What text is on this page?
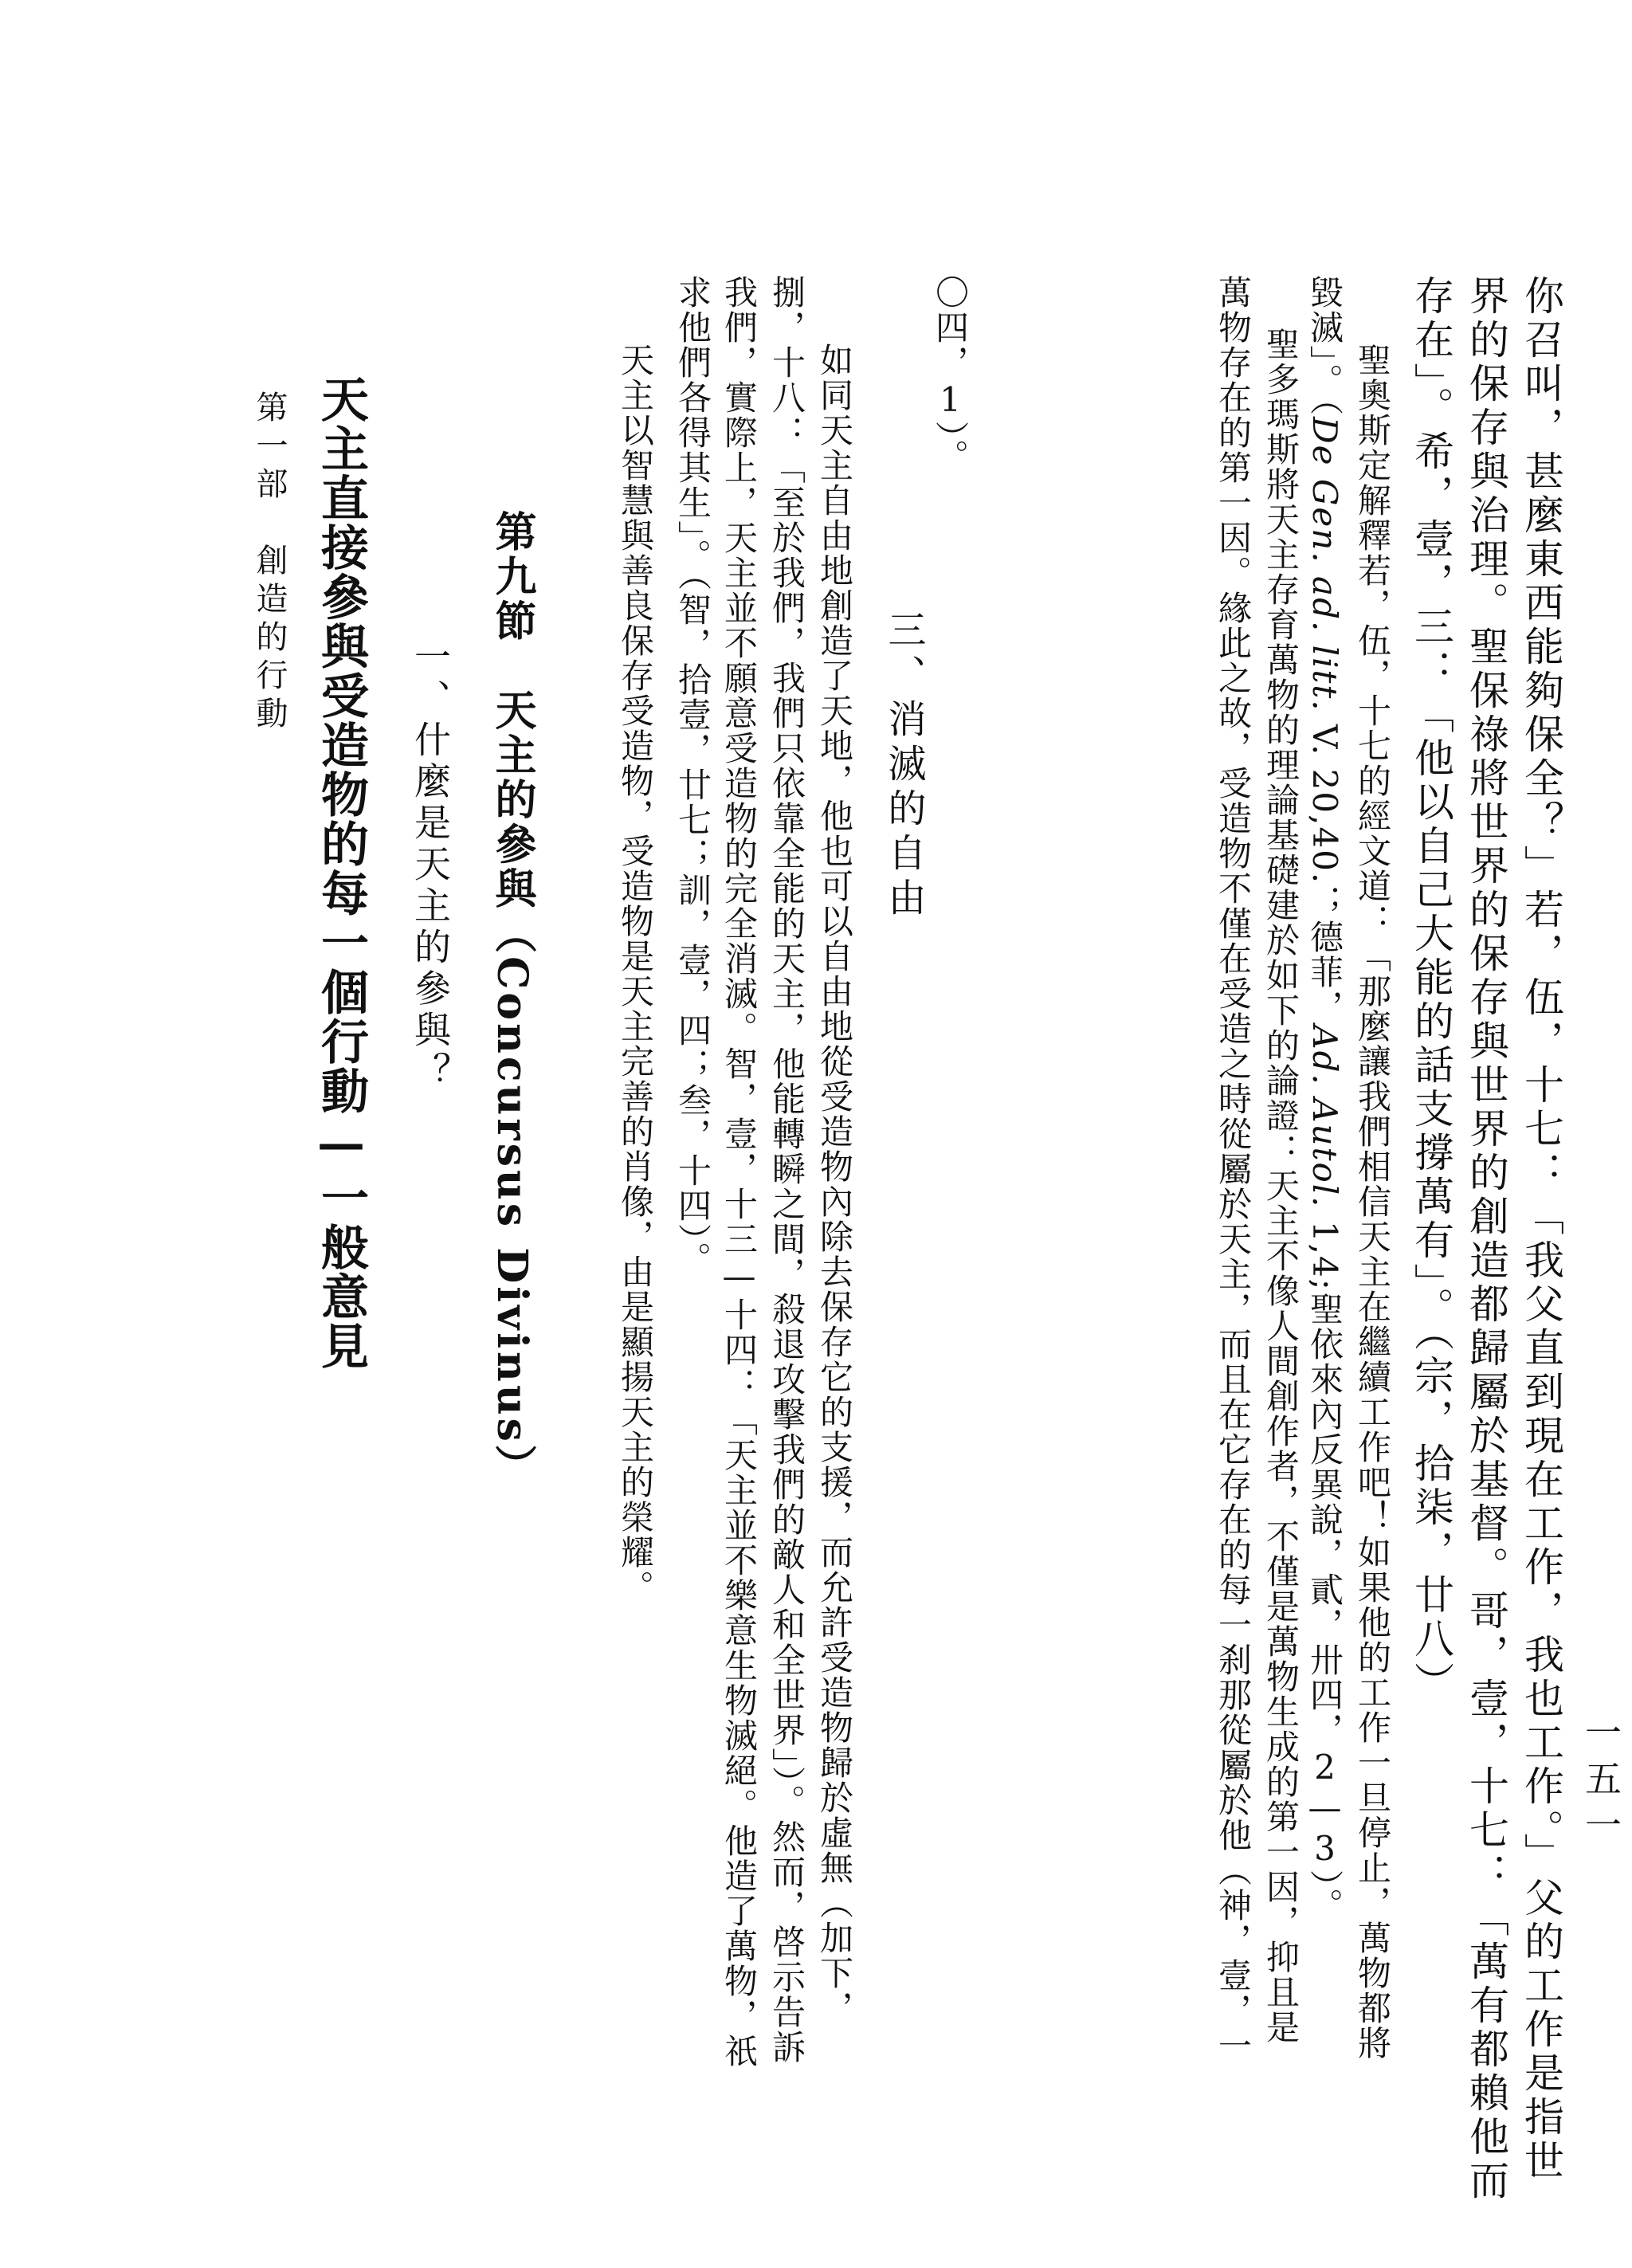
一五一
你召叫，甚麼東西能夠保全？」若，伍，十七：「我父直到現在工作，我也工作。」父的工作是指世
界的保存與治理。聖保祿將世界的保存與世界的創造都歸屬於基督。哥，壹，十七：「萬有都賴他而
存在」。希，壹，三：「他以自己大能的話支撐萬有」。（宗，拾柒，廿八）
聖奧斯定解釋若，伍，十七的經文道：「那麼讓我們相信天主在繼續工作吧！如果他的工作一旦停止，萬物都將
毀滅」。（De Gen. ad. litt. V. 20,40.；德菲，Ad. Autol. 1,4;聖依來內反異說，貳，卅四，2—3）。
聖多瑪斯將天主存育萬物的理論基礎建於如下的論證：天主不像人間創作者，不僅是萬物生成的第一因，抑且是
萬物存在的第一因。緣此之故，受造物不僅在受造之時從屬於天主，而且在它存在的每一刹那從屬於他（神，壹，一
〇四，1）。
三、消滅的自由
如同天主自由地創造了天地，他也可以自由地從受造物內除去保存它的支援，而允許受造物歸於虛無（加下，
捌，十八：「至於我們，我們只依靠全能的天主，他能轉瞬之間，殺退攻擊我們的敵人和全世界」）。然而，啓示告訴
我們，實際上，天主並不願意受造物的完全消滅。智，壹，十三—十四：「天主並不樂意生物滅絕。他造了萬物，祇
求他們各得其生」。（智，拾壹，廿七；訓，壹，四；叁，十四）。
天主以智慧與善良保存受造物，受造物是天主完善的肖像，由是顯揚天主的榮耀。
第九節　天主的參與（Concursus Divinus）
一、什麼是天主的參與？
天主直接參與受造物的每一個行動—一般意見
第一部　創造的行動
